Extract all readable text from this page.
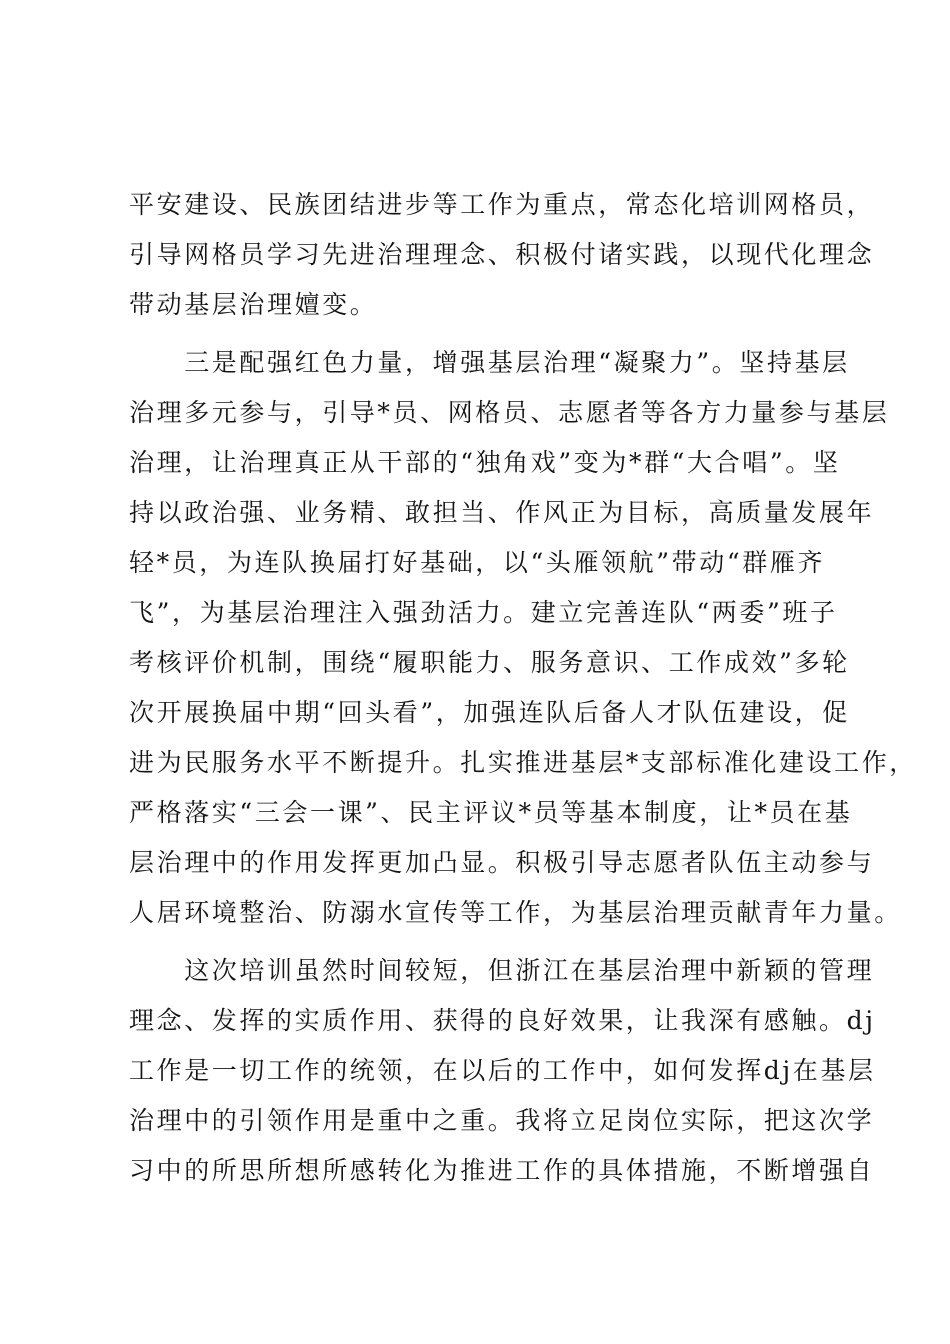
平安建设、民族团结进步等工作为重点，常态化培训网格员，
引导网格员学习先进治理理念、积极付诸实践，以现代化理念
带动基层治理嬗变。
　　三是配强红色力量，增强基层治理“凝聚力”。坚持基层
治理多元参与，引导*员、网格员、志愿者等各方力量参与基层
治理，让治理真正从干部的“独角戏”变为*群“大合唱”。坚
持以政治强、业务精、敢担当、作风正为目标，高质量发展年
轻*员，为连队换届打好基础，以“头雁领航”带动“群雁齐
飞”，为基层治理注入强劲活力。建立完善连队“两委”班子
考核评价机制，围绕“履职能力、服务意识、工作成效”多轮
次开展换届中期“回头看”，加强连队后备人才队伍建设，促
进为民服务水平不断提升。扎实推进基层*支部标准化建设工作，
严格落实“三会一课”、民主评议*员等基本制度，让*员在基
层治理中的作用发挥更加凸显。积极引导志愿者队伍主动参与
人居环境整治、防溺水宣传等工作，为基层治理贡献青年力量。
　　这次培训虽然时间较短，但浙江在基层治理中新颖的管理
理念、发挥的实质作用、获得的良好效果，让我深有感触。dj
工作是一切工作的统领，在以后的工作中，如何发挥dj在基层
治理中的引领作用是重中之重。我将立足岗位实际，把这次学
习中的所思所想所感转化为推进工作的具体措施，不断增强自
